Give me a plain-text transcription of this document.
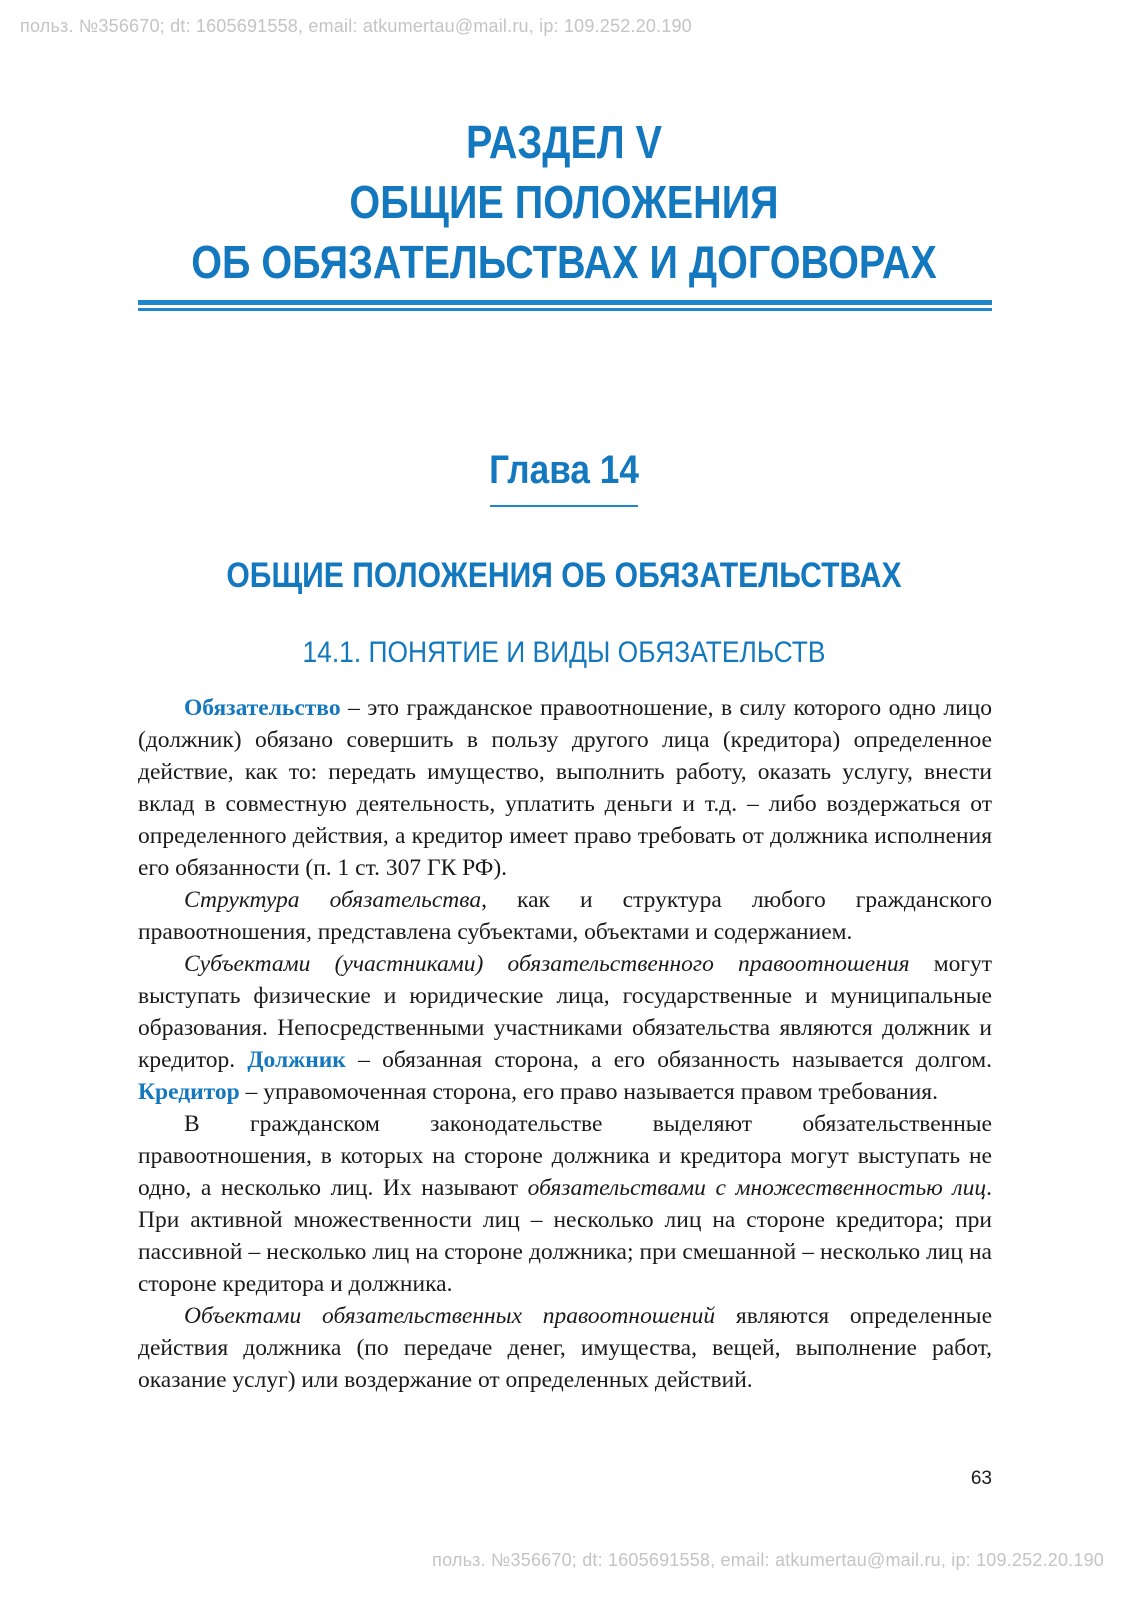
польз. №356670; dt: 1605691558, email: atkumertau@mail.ru, ip: 109.252.20.190
РАЗДЕЛ V
ОБЩИЕ ПОЛОЖЕНИЯ
ОБ ОБЯЗАТЕЛЬСТВАХ И ДОГОВОРАХ
Глава 14
ОБЩИЕ ПОЛОЖЕНИЯ ОБ ОБЯЗАТЕЛЬСТВАХ
14.1. ПОНЯТИЕ И ВИДЫ ОБЯЗАТЕЛЬСТВ

Обязательство – это гражданское правоотношение, в силу которого одно лицо (должник) обязано совершить в пользу другого лица (кредитора) определенное действие, как то: передать имущество, выполнить работу, оказать услугу, внести вклад в совместную деятельность, уплатить деньги и т.д. – либо воздержаться от определенного действия, а кредитор имеет право требовать от должника исполнения его обязанности (п. 1 ст. 307 ГК РФ).

Структура обязательства, как и структура любого гражданского правоотношения, представлена субъектами, объектами и содержанием.

Субъектами (участниками) обязательственного правоотношения могут выступать физические и юридические лица, государственные и муниципальные образования. Непосредственными участниками обязательства являются должник и кредитор. Должник – обязанная сторона, а его обязанность называется долгом. Кредитор – управомоченная сторона, его право называется правом требования.

В гражданском законодательстве выделяют обязательственные правоотношения, в которых на стороне должника и кредитора могут выступать не одно, а несколько лиц. Их называют обязательствами с множественностью лиц. При активной множественности лиц – несколько лиц на стороне кредитора; при пассивной – несколько лиц на стороне должника; при смешанной – несколько лиц на стороне кредитора и должника.

Объектами обязательственных правоотношений являются определенные действия должника (по передаче денег, имущества, вещей, выполнение работ, оказание услуг) или воздержание от определенных действий.

63
польз. №356670; dt: 1605691558, email: atkumertau@mail.ru, ip: 109.252.20.190
